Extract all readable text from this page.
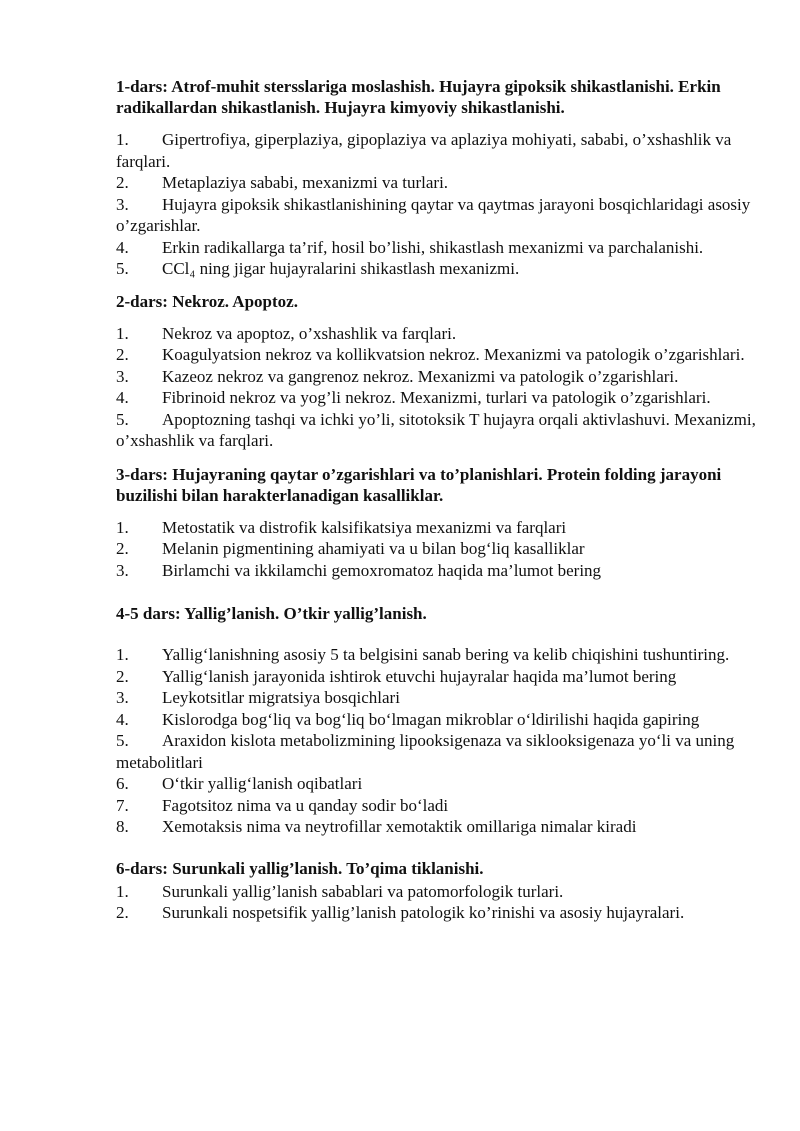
1-dars: Atrof-muhit stersslariga moslashish. Hujayra gipoksik shikastlanishi. Erkin radikallardan shikastlanish. Hujayra kimyoviy shikastlanishi.
1. Gipertrofiya, giperplaziya, gipoplaziya va aplaziya mohiyati, sababi, o’xshashlik va farqlari.
2. Metaplaziya sababi, mexanizmi va turlari.
3. Hujayra gipoksik shikastlanishining qaytar va qaytmas jarayoni bosqichlaridagi asosiy o’zgarishlar.
4. Erkin radikallarga ta’rif, hosil bo’lishi, shikastlash mexanizmi va parchalanishi.
5. CCl₄ ning jigar hujayralarini shikastlash mexanizmi.
2-dars: Nekroz. Apoptoz.
1. Nekroz va apoptoz, o’xshashlik va farqlari.
2. Koagulyatsion nekroz va kollikvatsion nekroz. Mexanizmi va patologik o’zgarishlari.
3. Kazeoz nekroz va gangrenoz nekroz. Mexanizmi va patologik o’zgarishlari.
4. Fibrinoid nekroz va yog’li nekroz. Mexanizmi, turlari va patologik o’zgarishlari.
5. Apoptozning tashqi va ichki yo’li, sitotoksik T hujayra orqali aktivlashuvi. Mexanizmi, o’xshashlik va farqlari.
3-dars: Hujayraning qaytar o’zgarishlari va to’planishlari. Protein folding jarayoni buzilishi bilan harakterlanadigan kasalliklar.
1. Metostatik va distrofik kalsifikatsiya mexanizmi va farqlari
2. Melanin pigmentining ahamiyati va u bilan bog‘liq kasalliklar
3. Birlamchi va ikkilamchi gemoxromatoz haqida ma’lumot bering
4-5 dars: Yallig’lanish. O’tkir yallig’lanish.
1. Yallig‘lanishning asosiy 5 ta belgisini sanab bering va kelib chiqishini tushuntiring.
2. Yallig‘lanish jarayonida ishtirok etuvchi hujayralar haqida ma’lumot bering
3. Leykotsitlar migratsiya bosqichlari
4. Kislorodga bog‘liq va bog‘liq bo‘lmagan mikroblar o‘ldirilishi haqida gapiring
5. Araxidon kislota metabolizmining lipooksigenaza va siklooksigenaza yo‘li va uning metabolitlari
6. O‘tkir yallig‘lanish oqibatlari
7. Fagotsitoz nima va u qanday sodir bo‘ladi
8. Xemotaksis nima va neytrofillar xemotaktik omillariga nimalar kiradi
6-dars: Surunkali yallig’lanish. To’qima tiklanishi.
1. Surunkali yallig’lanish sabablari va patomorfologik turlari.
2. Surunkali nospetsifik yallig’lanish patologik ko’rinishi va asosiy hujayralari.
